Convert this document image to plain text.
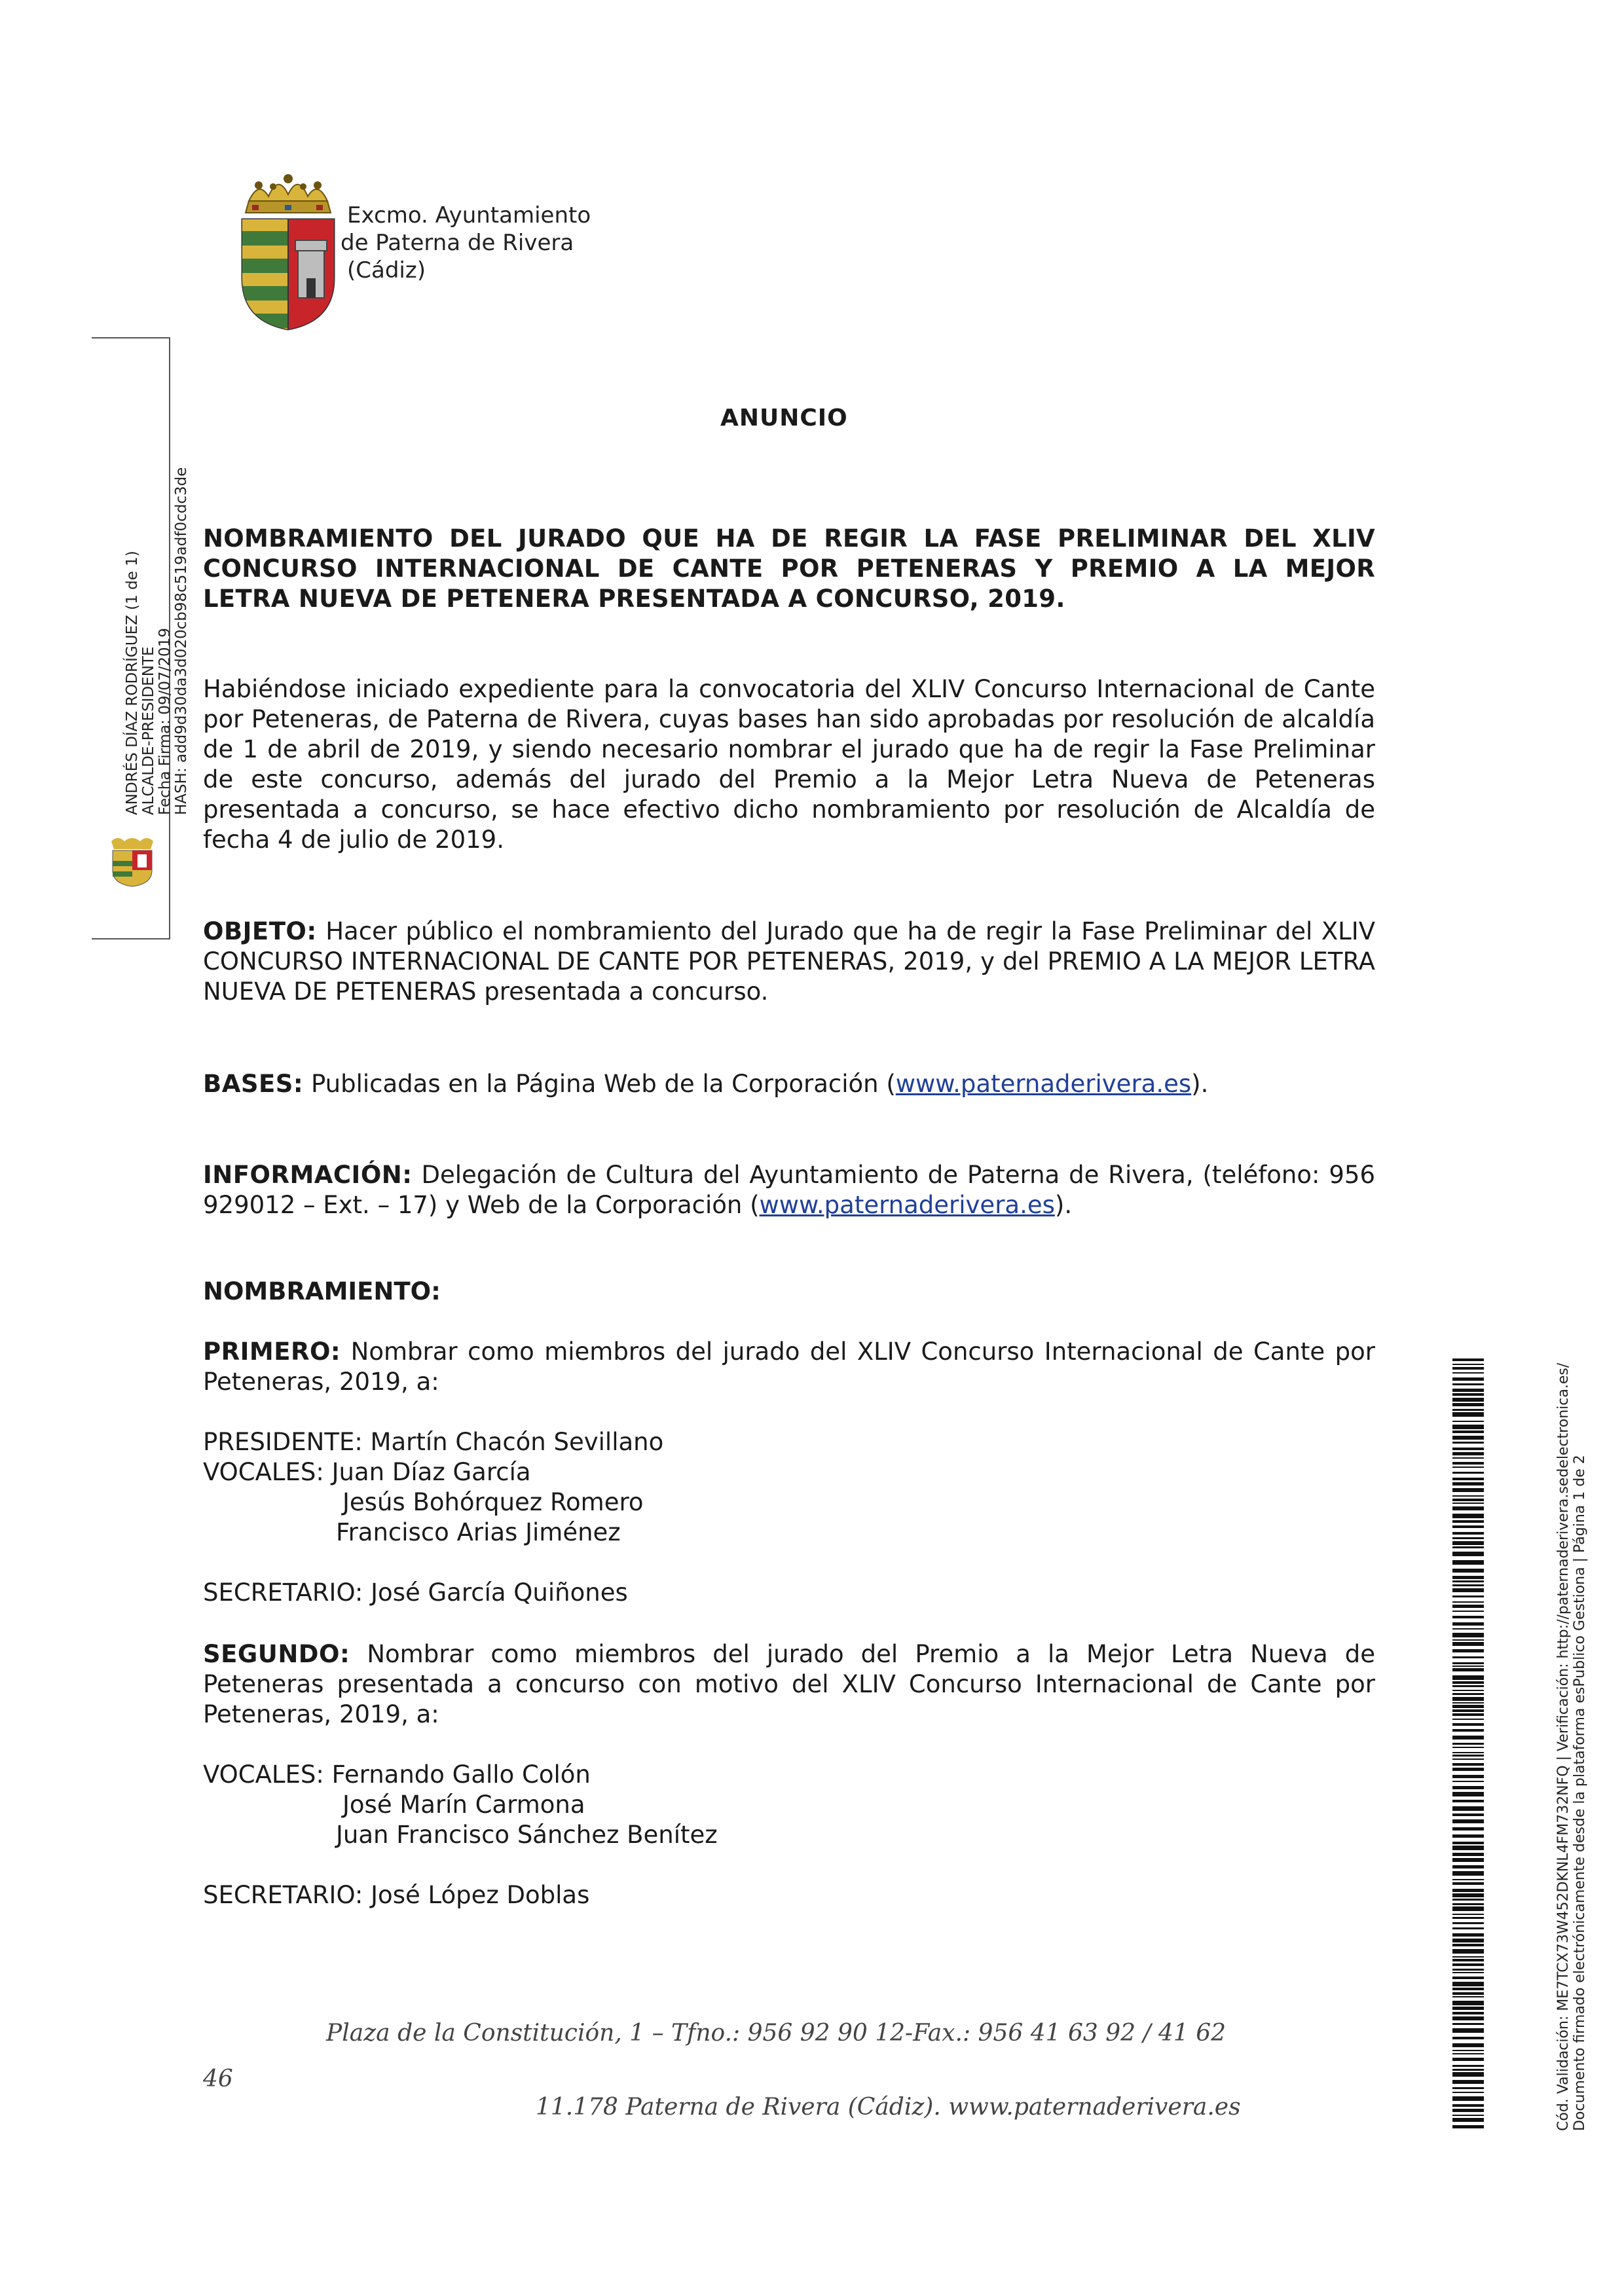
Excmo. Ayuntamiento
de Paterna de Rivera
(Cádiz)
ANDRÉS DÍAZ RODRÍGUEZ (1 de 1) ALCALDE-PRESIDENTE Fecha Firma: 09/07/2019 HASH: add9d30da3d020cb98c519adf0cdc3de
ANUNCIO
NOMBRAMIENTO DEL JURADO QUE HA DE REGIR LA FASE PRELIMINAR DEL XLIV CONCURSO INTERNACIONAL DE CANTE POR PETENERAS Y PREMIO A LA MEJOR LETRA NUEVA DE PETENERA PRESENTADA A CONCURSO, 2019.
Habiéndose iniciado expediente para la convocatoria del XLIV Concurso Internacional de Cante por Peteneras, de Paterna de Rivera, cuyas bases han sido aprobadas por resolución de alcaldía de 1 de abril de 2019, y siendo necesario nombrar el jurado que ha de regir la Fase Preliminar de este concurso, además del jurado del Premio a la Mejor Letra Nueva de Peteneras presentada a concurso, se hace efectivo dicho nombramiento por resolución de Alcaldía de fecha 4 de julio de 2019.
OBJETO: Hacer público el nombramiento del Jurado que ha de regir la Fase Preliminar del XLIV CONCURSO INTERNACIONAL DE CANTE POR PETENERAS, 2019, y del PREMIO A LA MEJOR LETRA NUEVA DE PETENERAS presentada a concurso.
BASES: Publicadas en la Página Web de la Corporación (www.paternaderivera.es).
INFORMACIÓN: Delegación de Cultura del Ayuntamiento de Paterna de Rivera, (teléfono: 956 929012 – Ext. – 17) y Web de la Corporación (www.paternaderivera.es).
NOMBRAMIENTO:
PRIMERO: Nombrar como miembros del jurado del XLIV Concurso Internacional de Cante por Peteneras, 2019, a:
PRESIDENTE: Martín Chacón Sevillano
VOCALES: Juan Díaz García
Jesús Bohórquez Romero
Francisco Arias Jiménez
SECRETARIO: José García Quiñones
SEGUNDO: Nombrar como miembros del jurado del Premio a la Mejor Letra Nueva de Peteneras presentada a concurso con motivo del XLIV Concurso Internacional de Cante por Peteneras, 2019, a:
VOCALES: Fernando Gallo Colón
José Marín Carmona
Juan Francisco Sánchez Benítez
SECRETARIO: José López Doblas
46
Plaza de la Constitución, 1 – Tfno.: 956 92 90 12-Fax.: 956 41 63 92 / 41 62
11.178 Paterna de Rivera (Cádiz). www.paternaderivera.es	Cód. Validación: ME7TCX73W452DKNL4FM732NFQ | Verificación: http://paternaderivera.sedelectronica.es/ Documento firmado electrónicamente desde la plataforma esPublico Gestiona | Página 1 de 2
